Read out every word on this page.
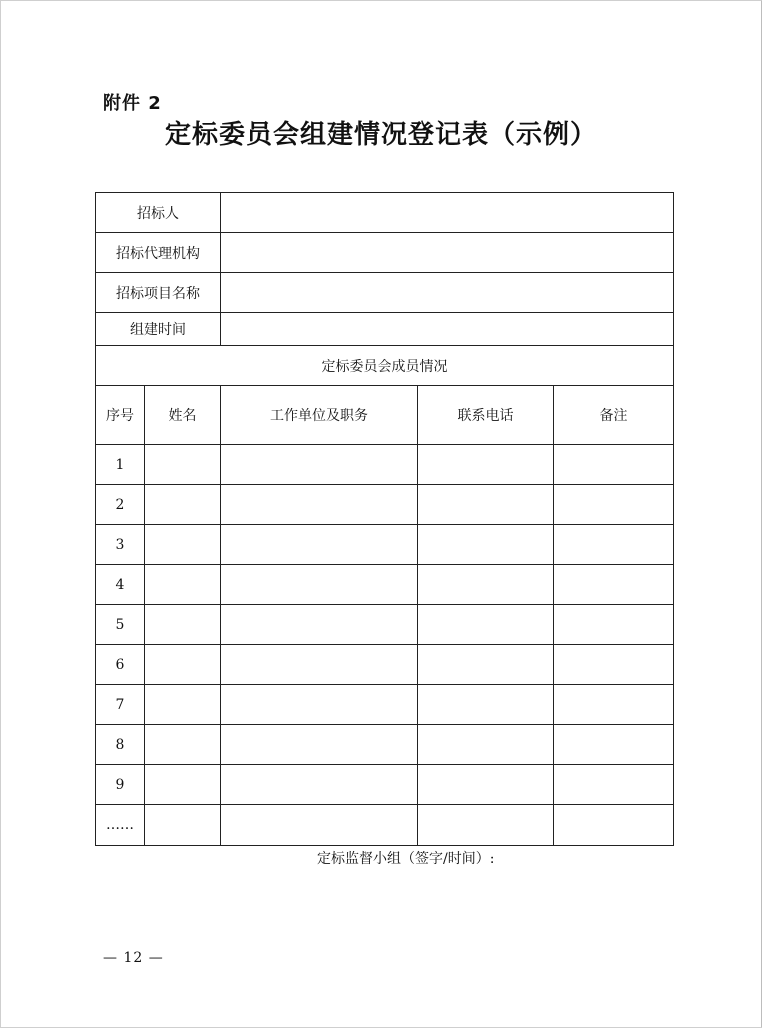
附件 2
定标委员会组建情况登记表（示例）
招标人				
招标代理机构				
招标项目名称				
组建时间				
定标委员会成员情况				
序号	姓名	工作单位及职务	联系电话	备注
1				
2				
3				
4				
5				
6				
7				
8				
9				
……				
定标监督小组（签字/时间）:
— 12 —
